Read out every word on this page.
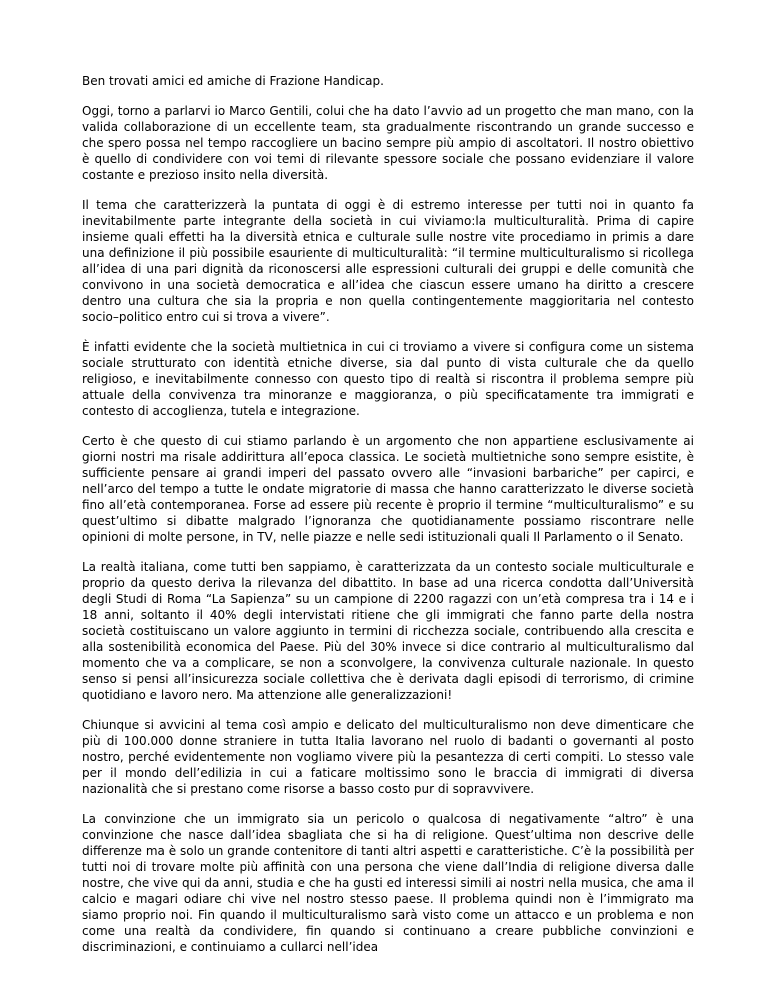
Ben trovati amici ed amiche di Frazione Handicap.

Oggi, torno a parlarvi io Marco Gentili, colui che ha dato l’avvio ad un progetto che man mano, con la valida collaborazione di un eccellente team, sta gradualmente riscontrando un grande successo e che spero possa nel tempo raccogliere un bacino sempre più ampio di ascoltatori. Il nostro obiettivo è quello di condividere con voi temi di rilevante spessore sociale che possano evidenziare il valore costante e prezioso insito nella diversità.

Il tema che caratterizzerà la puntata di oggi è di estremo interesse per tutti noi in quanto fa inevitabilmente parte integrante della società in cui viviamo:la multiculturalità. Prima di capire insieme quali effetti ha la diversità etnica e culturale sulle nostre vite procediamo in primis a dare una definizione il più possibile esauriente di multiculturalità: “il termine multiculturalismo si ricollega all’idea di una pari dignità da riconoscersi alle espressioni culturali dei gruppi e delle comunità che convivono in una società democratica e all’idea che ciascun essere umano ha diritto a crescere dentro una cultura che sia la propria e non quella contingentemente maggioritaria nel contesto socio–politico entro cui si trova a vivere”.

È infatti evidente che la società multietnica in cui ci troviamo a vivere si configura come un sistema sociale strutturato con identità etniche diverse, sia dal punto di vista culturale che da quello religioso, e inevitabilmente connesso con questo tipo di realtà si riscontra il problema sempre più attuale della convivenza tra minoranze e maggioranza, o più specificatamente tra immigrati e contesto di accoglienza, tutela e integrazione.

Certo è che questo di cui stiamo parlando è un argomento che non appartiene esclusivamente ai giorni nostri ma risale addirittura all’epoca classica. Le società multietniche sono sempre esistite, è sufficiente pensare ai grandi imperi del passato ovvero alle “invasioni barbariche” per capirci, e nell’arco del tempo a tutte le ondate migratorie di massa che hanno caratterizzato le diverse società fino all’età contemporanea. Forse ad essere più recente è proprio il termine “multiculturalismo” e su quest’ultimo si dibatte malgrado l’ignoranza che quotidianamente possiamo riscontrare nelle opinioni di molte persone, in TV, nelle piazze e nelle sedi istituzionali quali Il Parlamento o il Senato.

La realtà italiana, come tutti ben sappiamo, è caratterizzata da un contesto sociale multiculturale e proprio da questo deriva la rilevanza del dibattito. In base ad una ricerca condotta dall’Università degli Studi di Roma “La Sapienza” su un campione di 2200 ragazzi con un’età compresa tra i 14 e i 18 anni, soltanto il 40% degli intervistati ritiene che gli immigrati che fanno parte della nostra società costituiscano un valore aggiunto in termini di ricchezza sociale, contribuendo alla crescita e alla sostenibilità economica del Paese. Più del 30% invece si dice contrario al multiculturalismo dal momento che va a complicare, se non a sconvolgere, la convivenza culturale nazionale. In questo senso si pensi all’insicurezza sociale collettiva che è derivata dagli episodi di terrorismo, di crimine quotidiano e lavoro nero. Ma attenzione alle generalizzazioni!

Chiunque si avvicini al tema così ampio e delicato del multiculturalismo non deve dimenticare che più di 100.000 donne straniere in tutta Italia lavorano nel ruolo di badanti o governanti al posto nostro, perché evidentemente non vogliamo vivere più la pesantezza di certi compiti. Lo stesso vale per il mondo dell’edilizia in cui a faticare moltissimo sono le braccia di immigrati di diversa nazionalità che si prestano come risorse a basso costo pur di sopravvivere.

La convinzione che un immigrato sia un pericolo o qualcosa di negativamente “altro” è una convinzione che nasce dall’idea sbagliata che si ha di religione. Quest’ultima non descrive delle differenze ma è solo un grande contenitore di tanti altri aspetti e caratteristiche. C’è la possibilità per tutti noi di trovare molte più affinità con una persona che viene dall’India di religione diversa dalle nostre, che vive qui da anni, studia e che ha gusti ed interessi simili ai nostri nella musica, che ama il calcio e magari odiare chi vive nel nostro stesso paese. Il problema quindi non è l’immigrato ma siamo proprio noi. Fin quando il multiculturalismo sarà visto come un attacco e un problema e non come una realtà da condividere, fin quando si continuano a creare pubbliche convinzioni e discriminazioni, e continuiamo a cullarci nell’idea
